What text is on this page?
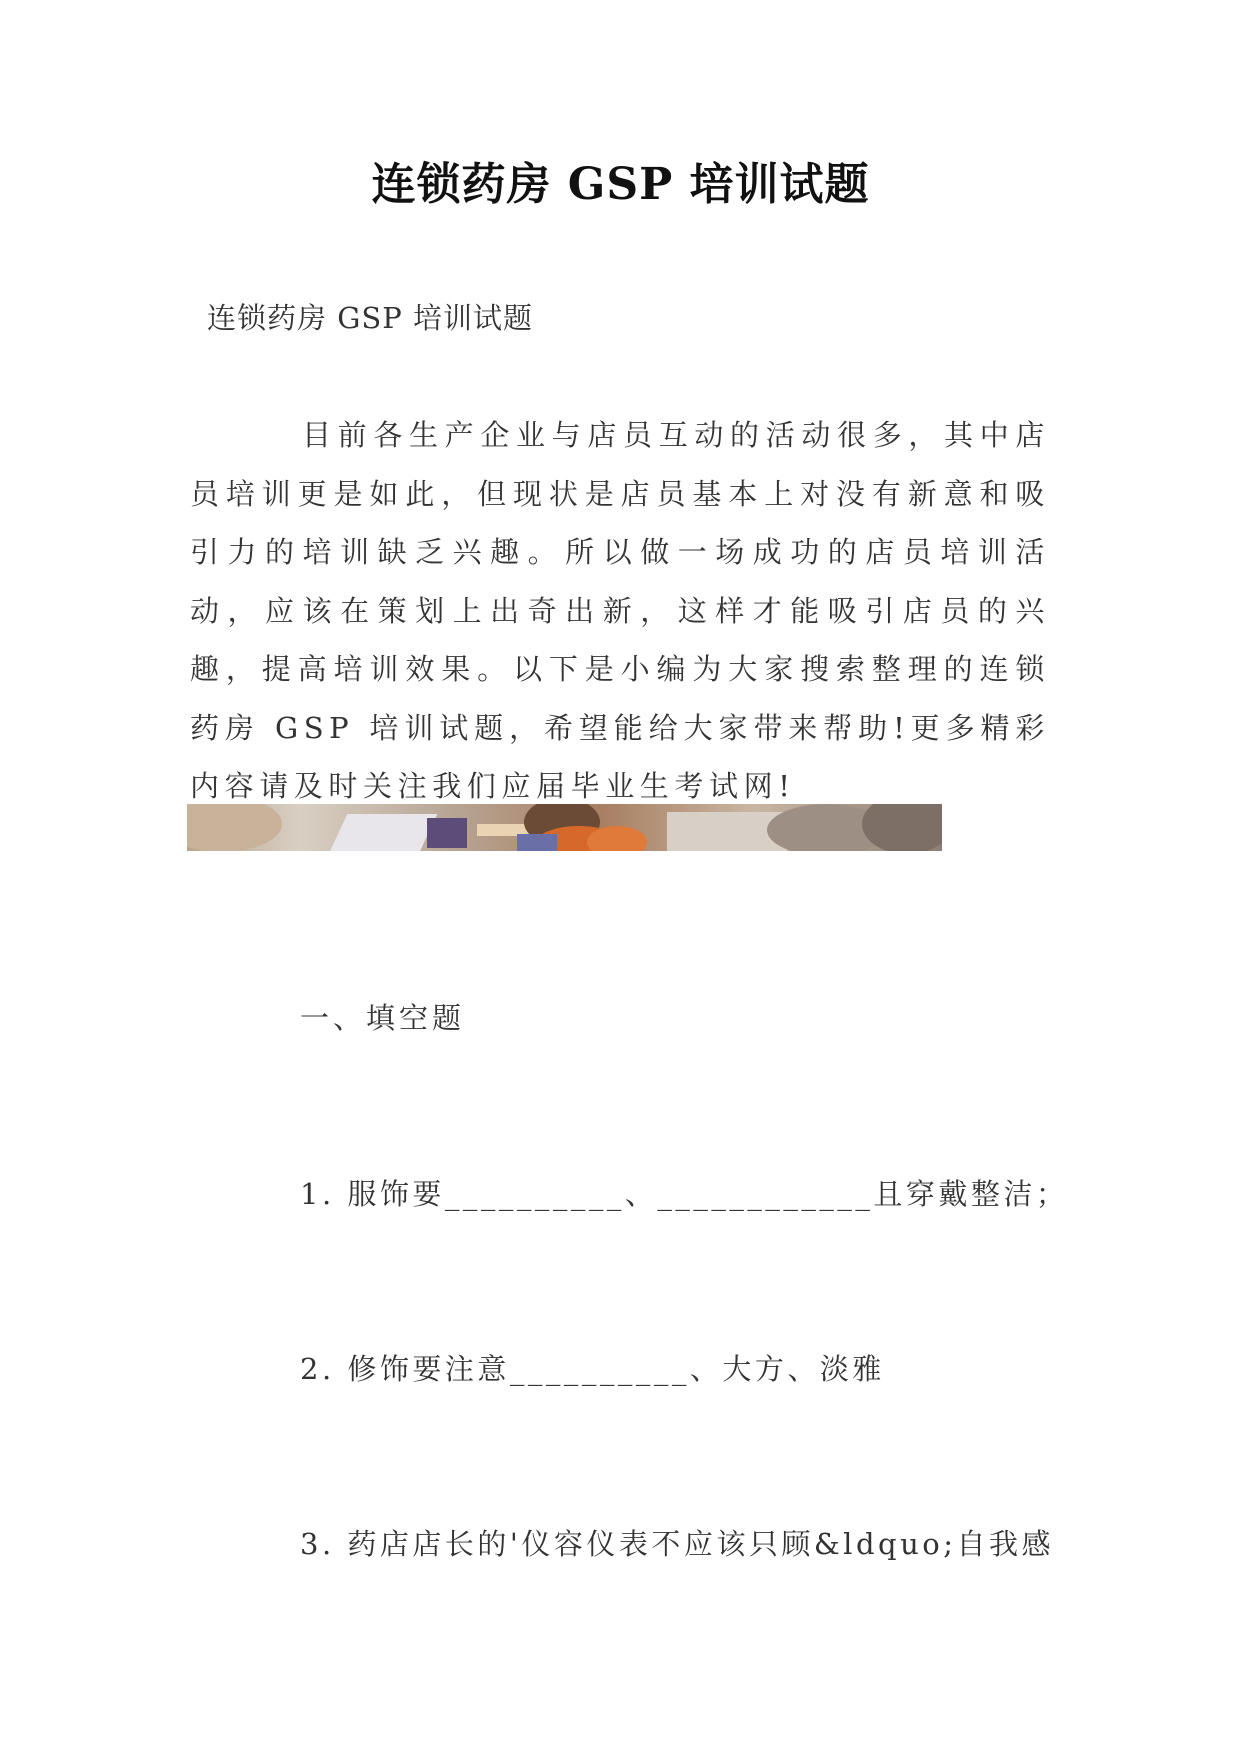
连锁药房 GSP 培训试题
连锁药房 GSP 培训试题
目前各生产企业与店员互动的活动很多，其中店员培训更是如此，但现状是店员基本上对没有新意和吸引力的培训缺乏兴趣。所以做一场成功的店员培训活动，应该在策划上出奇出新，这样才能吸引店员的兴趣，提高培训效果。以下是小编为大家搜索整理的连锁药房 GSP 培训试题，希望能给大家带来帮助!更多精彩内容请及时关注我们应届毕业生考试网!
一、填空题
1. 服饰要__________、____________且穿戴整洁；
2. 修饰要注意__________、大方、淡雅
3. 药店店长的'仪容仪表不应该只顾&ldquo;自我感
